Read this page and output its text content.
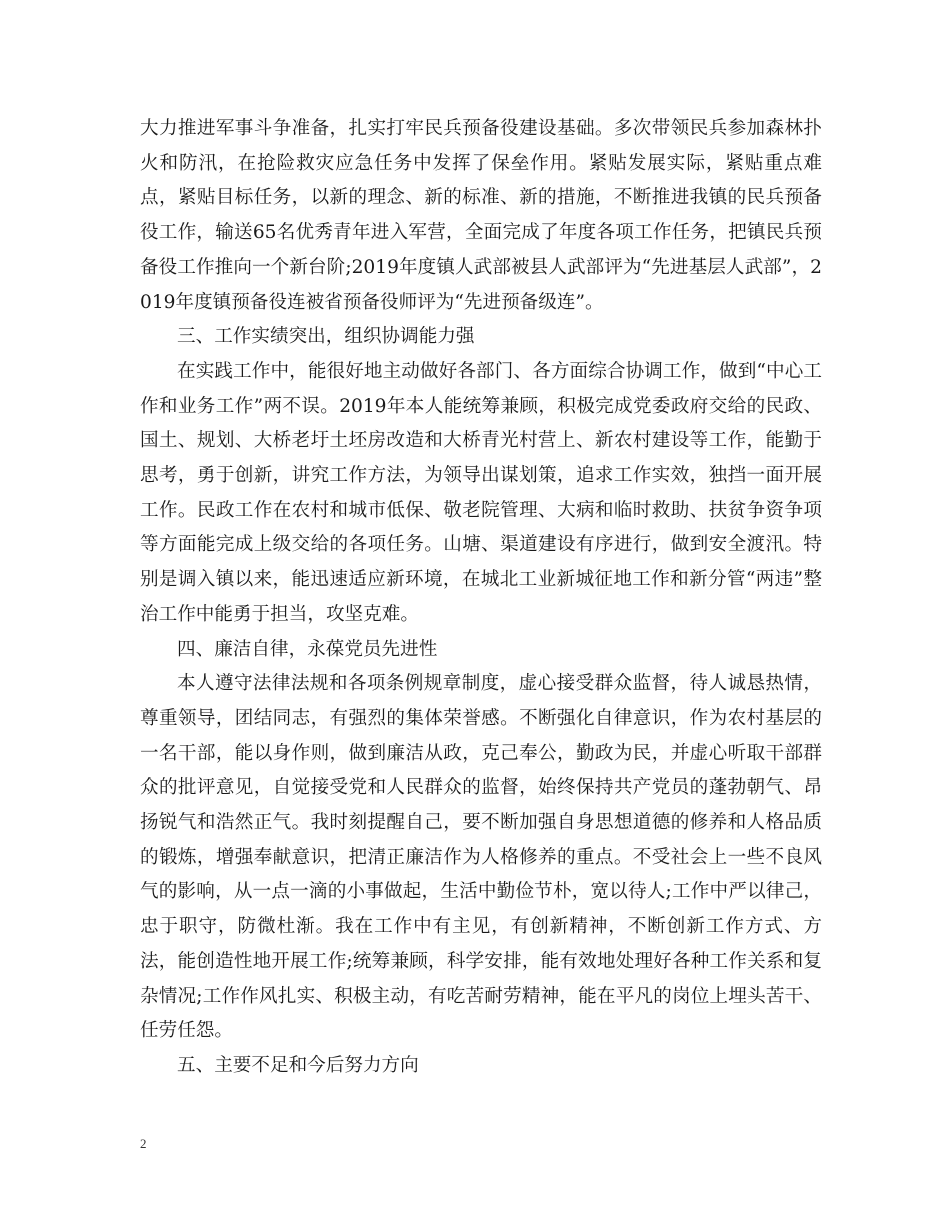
大力推进军事斗争准备，扎实打牢民兵预备役建设基础。多次带领民兵参加森林扑火和防汛，在抢险救灾应急任务中发挥了保垒作用。紧贴发展实际，紧贴重点难点，紧贴目标任务，以新的理念、新的标准、新的措施，不断推进我镇的民兵预备役工作，输送65名优秀青年进入军营，全面完成了年度各项工作任务，把镇民兵预备役工作推向一个新台阶;2019年度镇人武部被县人武部评为“先进基层人武部”，2019年度镇预备役连被省预备役师评为“先进预备级连”。

三、工作实绩突出，组织协调能力强

在实践工作中，能很好地主动做好各部门、各方面综合协调工作，做到“中心工作和业务工作”两不误。2019年本人能统筹兼顾，积极完成党委政府交给的民政、国土、规划、大桥老圩土坯房改造和大桥青光村营上、新农村建设等工作，能勤于思考，勇于创新，讲究工作方法，为领导出谋划策，追求工作实效，独挡一面开展工作。民政工作在农村和城市低保、敬老院管理、大病和临时救助、扶贫争资争项等方面能完成上级交给的各项任务。山塘、渠道建设有序进行，做到安全渡汛。特别是调入镇以来，能迅速适应新环境，在城北工业新城征地工作和新分管“两违”整治工作中能勇于担当，攻坚克难。

四、廉洁自律，永葆党员先进性

本人遵守法律法规和各项条例规章制度，虚心接受群众监督，待人诚恳热情，尊重领导，团结同志，有强烈的集体荣誉感。不断强化自律意识，作为农村基层的一名干部，能以身作则，做到廉洁从政，克己奉公，勤政为民，并虚心听取干部群众的批评意见，自觉接受党和人民群众的监督，始终保持共产党员的蓬勃朝气、昂扬锐气和浩然正气。我时刻提醒自己，要不断加强自身思想道德的修养和人格品质的锻炼，增强奉献意识，把清正廉洁作为人格修养的重点。不受社会上一些不良风气的影响，从一点一滴的小事做起，生活中勤俭节朴，宽以待人;工作中严以律己，忠于职守，防微杜渐。我在工作中有主见，有创新精神，不断创新工作方式、方法，能创造性地开展工作;统筹兼顾，科学安排，能有效地处理好各种工作关系和复杂情况;工作作风扎实、积极主动，有吃苦耐劳精神，能在平凡的岗位上埋头苦干、任劳任怨。

五、主要不足和今后努力方向

2
